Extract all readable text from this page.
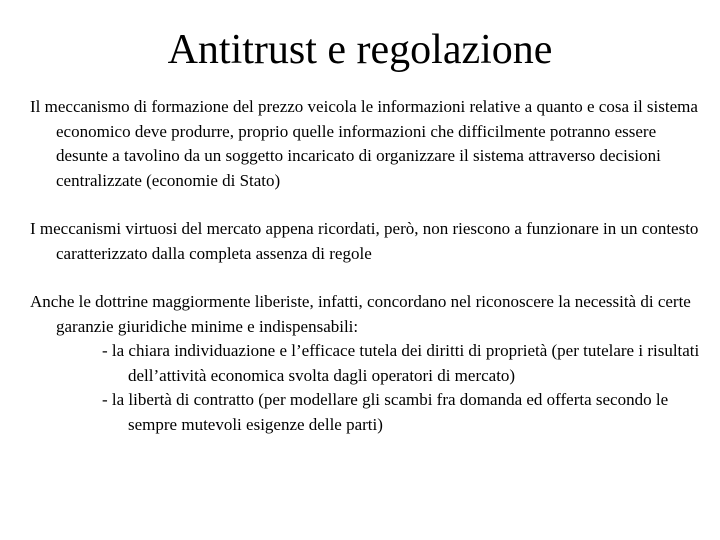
Antitrust e regolazione

Il meccanismo di formazione del prezzo veicola le informazioni relative a quanto e cosa il sistema economico deve produrre, proprio quelle informazioni che difficilmente potranno essere desunte a tavolino da un soggetto incaricato di organizzare il sistema attraverso decisioni centralizzate (economie di Stato)

I meccanismi virtuosi del mercato appena ricordati, però, non riescono a funzionare in un contesto caratterizzato dalla completa assenza di regole

Anche le dottrine maggiormente liberiste, infatti, concordano nel riconoscere la necessità di certe garanzie giuridiche minime e indispensabili:

- la chiara individuazione e l’efficace tutela dei diritti di proprietà (per tutelare i risultati dell’attività economica svolta dagli operatori di mercato)

- la libertà di contratto (per modellare gli scambi fra domanda ed offerta secondo le sempre mutevoli esigenze delle parti)
